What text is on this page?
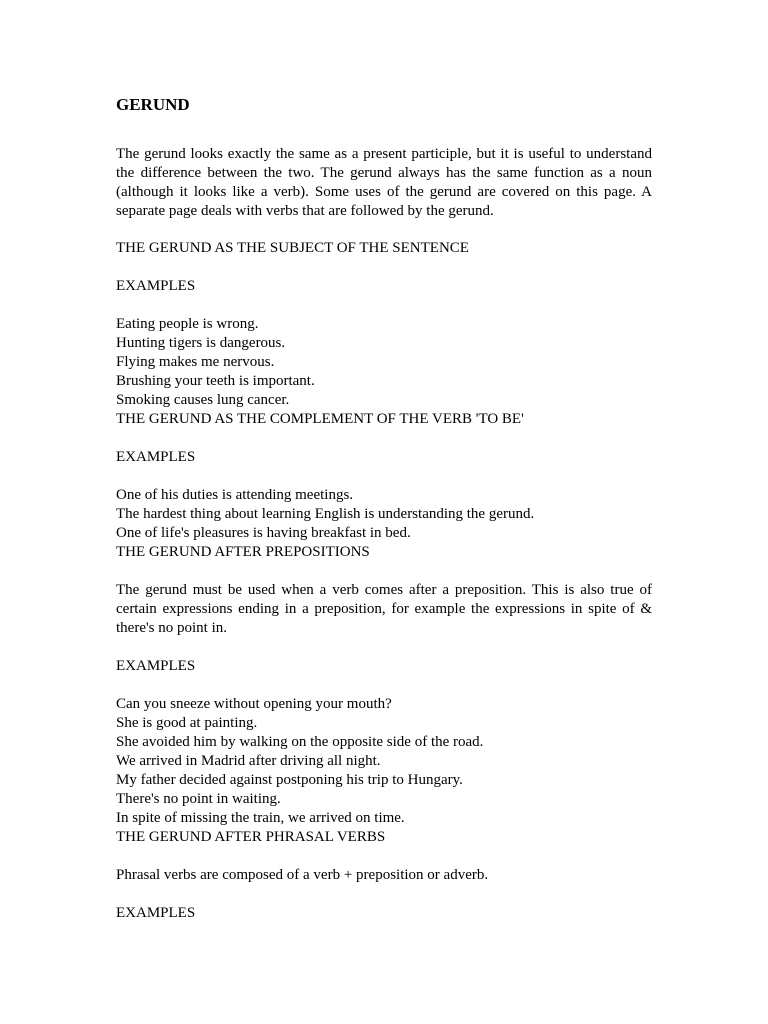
GERUND

The gerund looks exactly the same as a present participle, but it is useful to understand the difference between the two. The gerund always has the same function as a noun (although it looks like a verb). Some uses of the gerund are covered on this page. A separate page deals with verbs that are followed by the gerund.

THE GERUND AS THE SUBJECT OF THE SENTENCE

EXAMPLES

Eating people is wrong.

Hunting tigers is dangerous.

Flying makes me nervous.

Brushing your teeth is important.

Smoking causes lung cancer.

THE GERUND AS THE COMPLEMENT OF THE VERB 'TO BE'

EXAMPLES

One of his duties is attending meetings.

The hardest thing about learning English is understanding the gerund.

One of life's pleasures is having breakfast in bed.

THE GERUND AFTER PREPOSITIONS

The gerund must be used when a verb comes after a preposition. This is also true of certain expressions ending in a preposition, for example the expressions in spite of & there's no point in.

EXAMPLES

Can you sneeze without opening your mouth?

She is good at painting.

She avoided him by walking on the opposite side of the road.

We arrived in Madrid after driving all night.

My father decided against postponing his trip to Hungary.

There's no point in waiting.

In spite of missing the train, we arrived on time.

THE GERUND AFTER PHRASAL VERBS

Phrasal verbs are composed of a verb + preposition or adverb.

EXAMPLES
